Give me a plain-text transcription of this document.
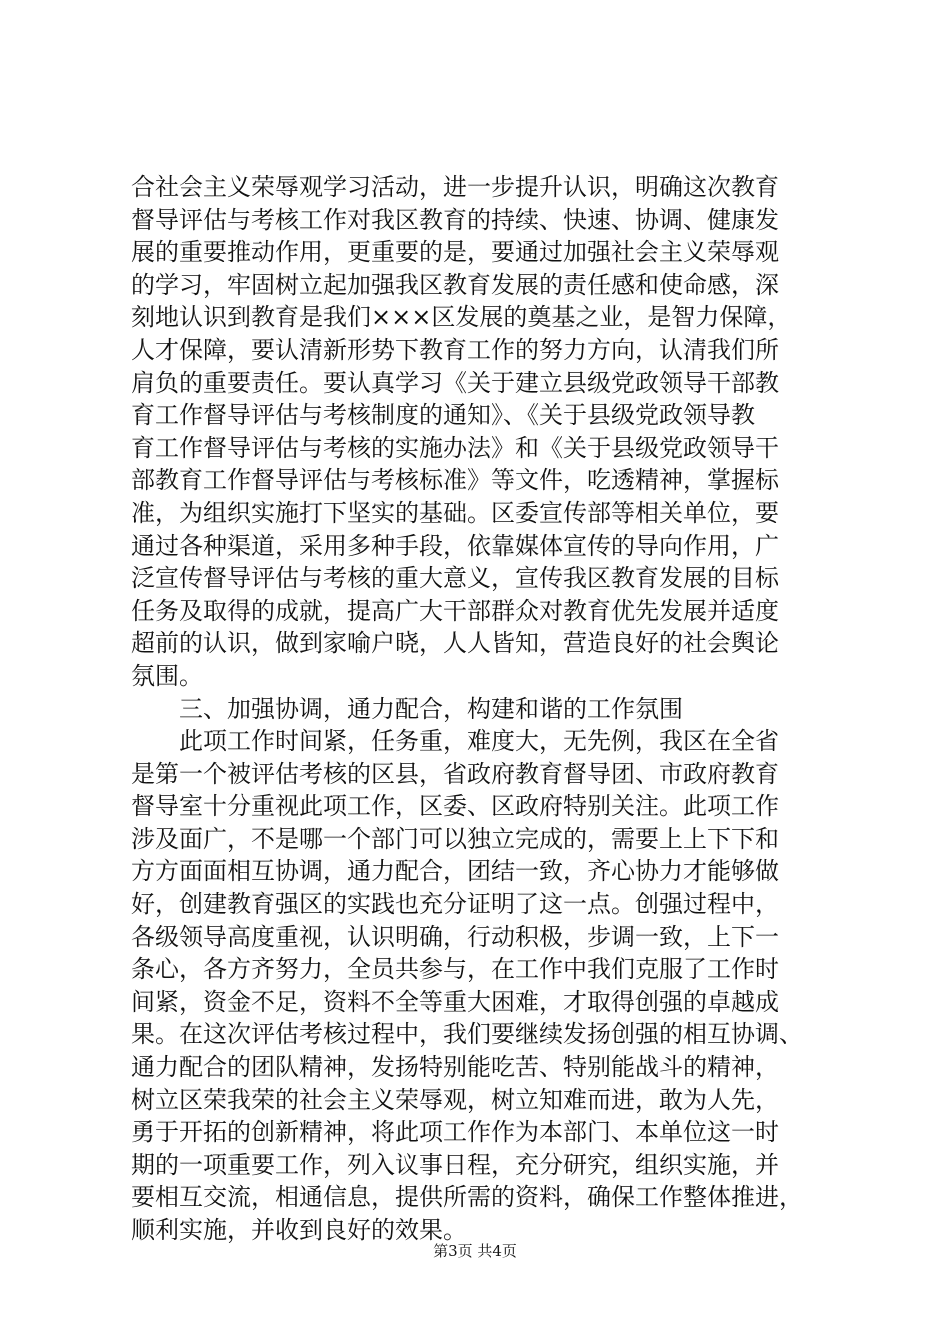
合社会主义荣辱观学习活动，进一步提升认识，明确这次教育
督导评估与考核工作对我区教育的持续、快速、协调、健康发
展的重要推动作用，更重要的是，要通过加强社会主义荣辱观
的学习，牢固树立起加强我区教育发展的责任感和使命感，深
刻地认识到教育是我们×××区发展的奠基之业，是智力保障，
人才保障，要认清新形势下教育工作的努力方向，认清我们所
肩负的重要责任。要认真学习《关于建立县级党政领导干部教
育工作督导评估与考核制度的通知》、《关于县级党政领导教
育工作督导评估与考核的实施办法》和《关于县级党政领导干
部教育工作督导评估与考核标准》等文件，吃透精神，掌握标
准，为组织实施打下坚实的基础。区委宣传部等相关单位，要
通过各种渠道，采用多种手段，依靠媒体宣传的导向作用，广
泛宣传督导评估与考核的重大意义，宣传我区教育发展的目标
任务及取得的成就，提高广大干部群众对教育优先发展并适度
超前的认识，做到家喻户晓，人人皆知，营造良好的社会舆论
氛围。
三、加强协调，通力配合，构建和谐的工作氛围
此项工作时间紧，任务重，难度大，无先例，我区在全省
是第一个被评估考核的区县，省政府教育督导团、市政府教育
督导室十分重视此项工作，区委、区政府特别关注。此项工作
涉及面广，不是哪一个部门可以独立完成的，需要上上下下和
方方面面相互协调，通力配合，团结一致，齐心协力才能够做
好，创建教育强区的实践也充分证明了这一点。创强过程中，
各级领导高度重视，认识明确，行动积极，步调一致，上下一
条心，各方齐努力，全员共参与，在工作中我们克服了工作时
间紧，资金不足，资料不全等重大困难，才取得创强的卓越成
果。在这次评估考核过程中，我们要继续发扬创强的相互协调、
通力配合的团队精神，发扬特别能吃苦、特别能战斗的精神，
树立区荣我荣的社会主义荣辱观，树立知难而进，敢为人先，
勇于开拓的创新精神，将此项工作作为本部门、本单位这一时
期的一项重要工作，列入议事日程，充分研究，组织实施，并
要相互交流，相通信息，提供所需的资料，确保工作整体推进，
顺利实施，并收到良好的效果。
第3页 共4页
